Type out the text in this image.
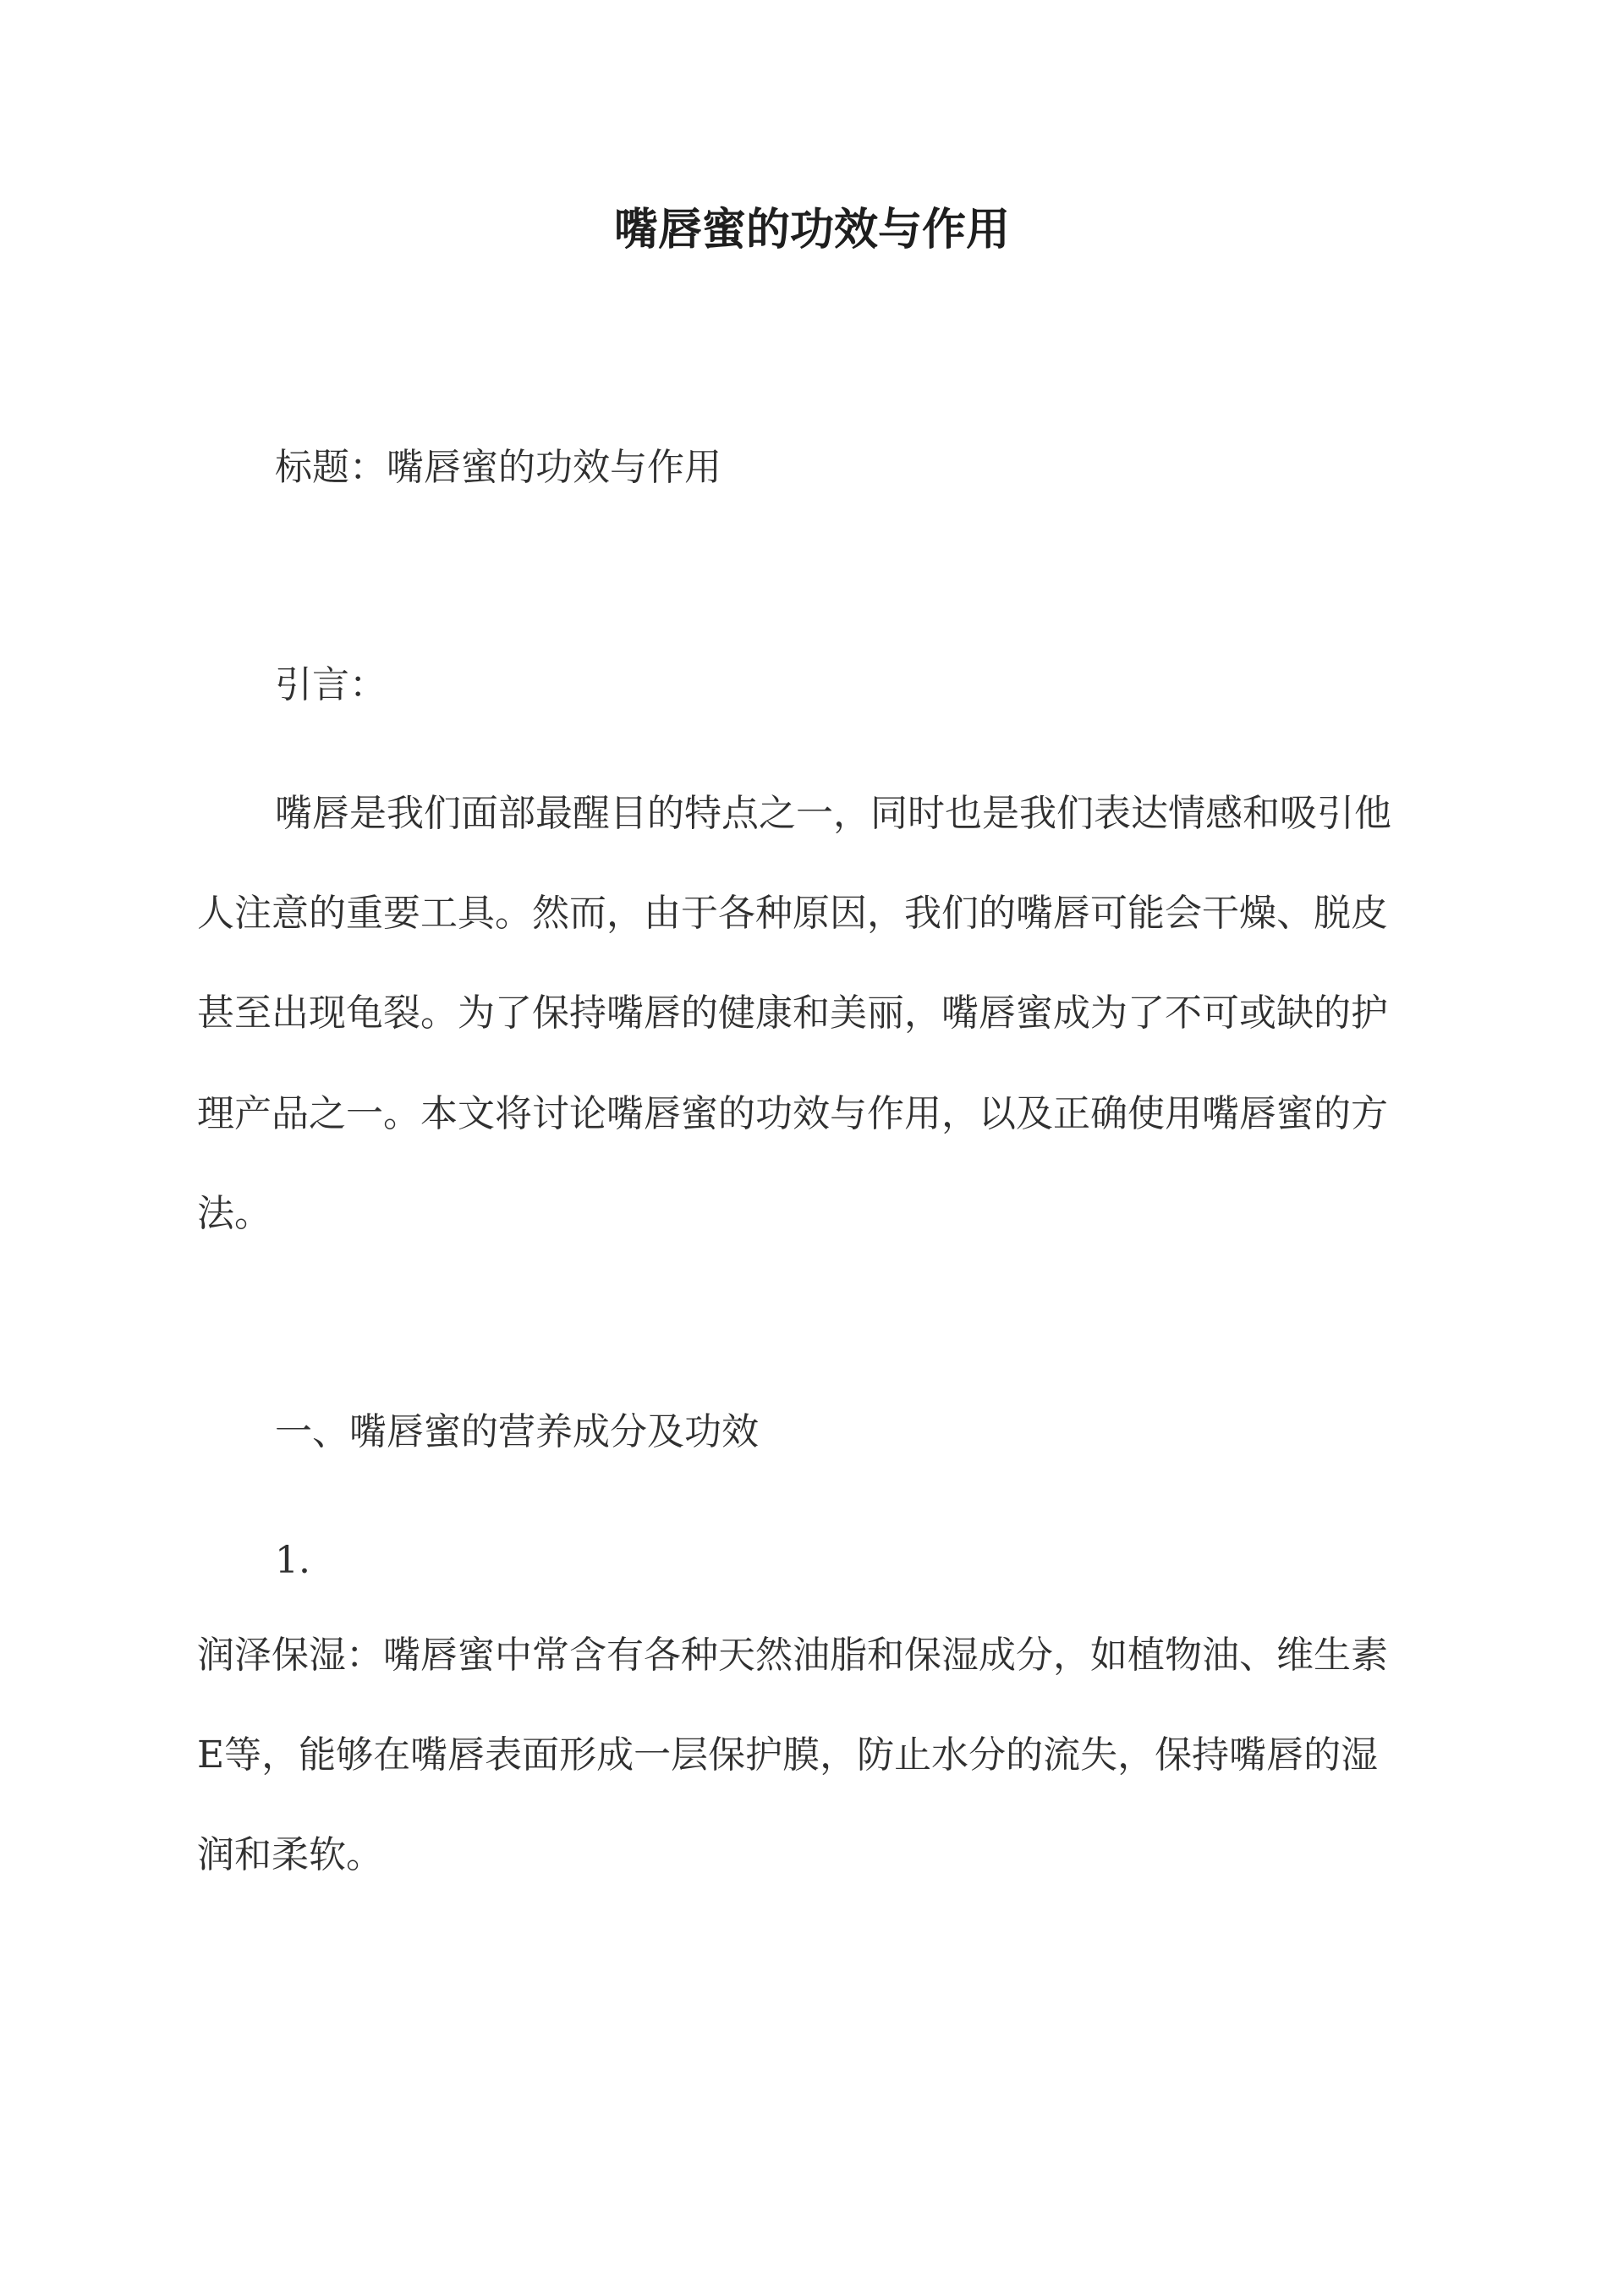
嘴唇蜜的功效与作用
标题：嘴唇蜜的功效与作用
引言：
嘴唇是我们面部最醒目的特点之一，同时也是我们表达情感和吸引他
人注意的重要工具。然而，由于各种原因，我们的嘴唇可能会干燥、脱皮
甚至出现龟裂。为了保持嘴唇的健康和美丽，嘴唇蜜成为了不可或缺的护
理产品之一。本文将讨论嘴唇蜜的功效与作用，以及正确使用嘴唇蜜的方
法。
一、嘴唇蜜的营养成分及功效
1.
润泽保湿：嘴唇蜜中常含有各种天然油脂和保湿成分，如植物油、维生素
E等，能够在嘴唇表面形成一层保护膜，防止水分的流失，保持嘴唇的湿
润和柔软。
